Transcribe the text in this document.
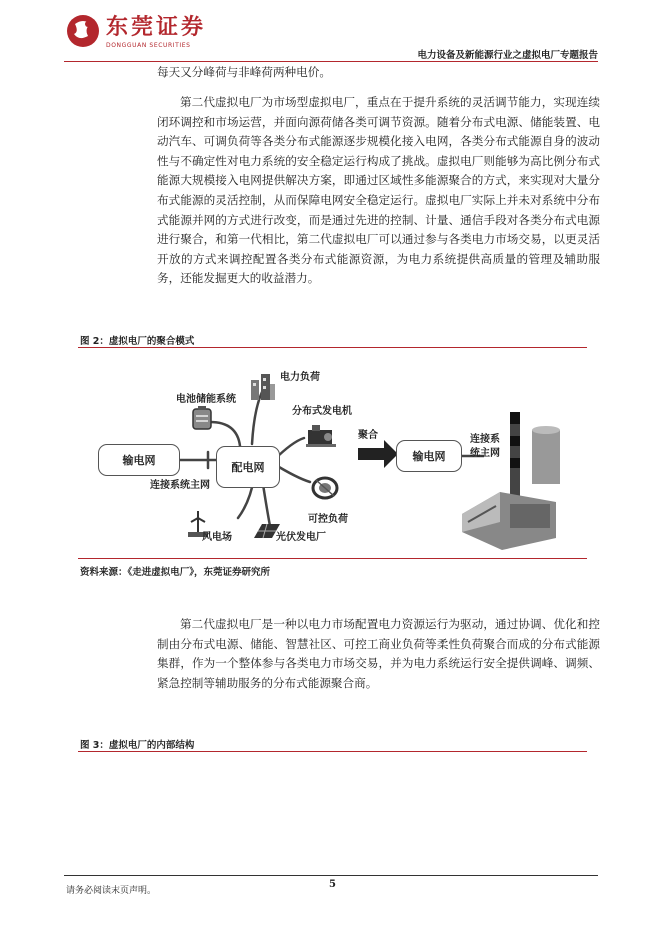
东莞证券
DONGGUAN SECURITIES
电力设备及新能源行业之虚拟电厂专题报告

每天又分峰荷与非峰荷两种电价。

第二代虚拟电厂为市场型虚拟电厂，重点在于提升系统的灵活调节能力，实现连续闭环调控和市场运营，并面向源荷储各类可调节资源。随着分布式电源、储能装置、电动汽车、可调负荷等各类分布式能源逐步规模化接入电网，各类分布式能源自身的波动性与不确定性对电力系统的安全稳定运行构成了挑战。虚拟电厂则能够为高比例分布式能源大规模接入电网提供解决方案，即通过区域性多能源聚合的方式，来实现对大量分布式能源的灵活控制，从而保障电网安全稳定运行。虚拟电厂实际上并未对系统中分布式能源并网的方式进行改变，而是通过先进的控制、计量、通信手段对各类分布式电源进行聚合，和第一代相比，第二代虚拟电厂可以通过参与各类电力市场交易，以更灵活开放的方式来调控配置各类分布式能源资源，为电力系统提供高质量的管理及辅助服务，还能发掘更大的收益潜力。

图 2：虚拟电厂的聚合模式
输电网
配电网
输电网
电池储能系统
电力负荷
分布式发电机
连接系统主网
风电场	光伏发电厂
可控负荷
聚合	连接系
统主网
资料来源：《走进虚拟电厂》，东莞证券研究所

第二代虚拟电厂是一种以电力市场配置电力资源运行为驱动，通过协调、优化和控制由分布式电源、储能、智慧社区、可控工商业负荷等柔性负荷聚合而成的分布式能源集群，作为一个整体参与各类电力市场交易，并为电力系统运行安全提供调峰、调频、紧急控制等辅助服务的分布式能源聚合商。

图 3：虚拟电厂的内部结构
5
请务必阅读末页声明。
